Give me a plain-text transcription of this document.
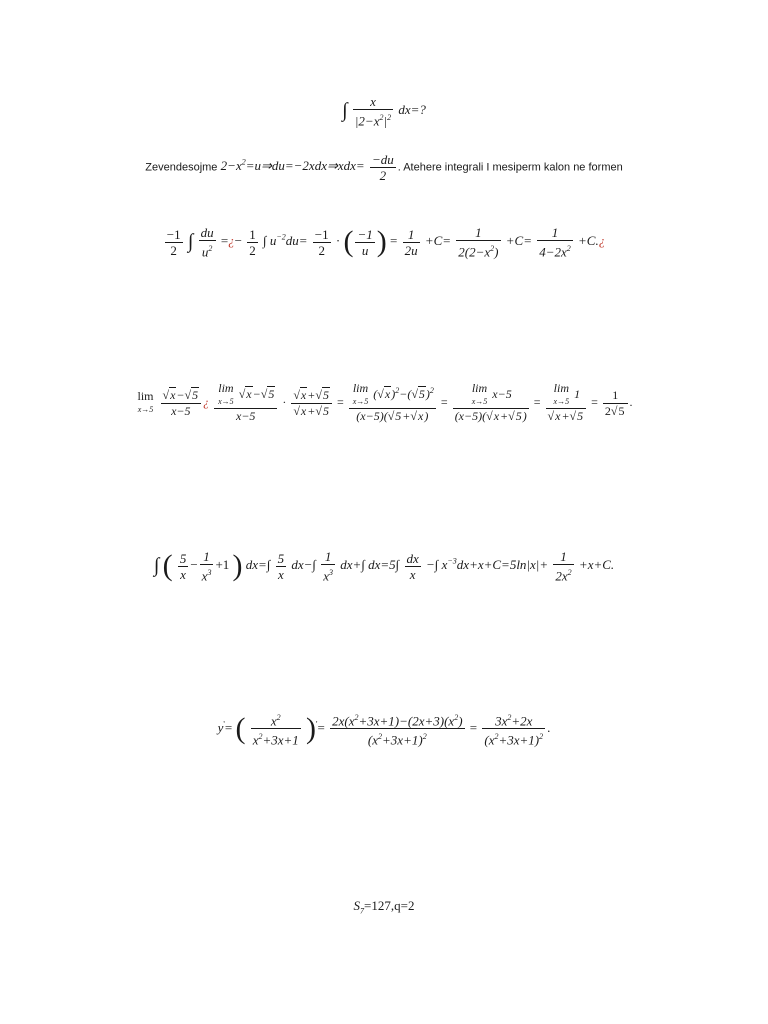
∫ $\frac{x}{|2-x^2|^2} dx=$?
Zevendesojme $2-x^2=u\Rightarrow du=-2xdx\Rightarrow xdx= \frac{-du}{2}$ . Atehere integrali I mesiperm kalon ne formen
$\frac{-1}{2}$ ∫ $\frac{du}{u^2}$ =¿− $\frac{1}{2}$ ∫ $u^{-2}du= \frac{-1}{2}$ · ( $\frac{-1}{u}$ ) = $\frac{1}{2u} +C= \frac{1}{2(2-x^2)} +C= \frac{1}{4-2x^2}$ +C.¿
lim
x→5
$\frac{√x-√5}{x-5}$ ¿ lim
x→5
√x−√5
$x-5 \cdot \frac{√x+√5}{√x+√5} = \lim$
x→5
$(√x)^2-(√5)^2$
(x−5)(√5+√x) = lim
x→5
x−5
(x−5)(√x+√5) = lim
x→5
1
$√x+√5 = \frac{1}{2√5}$ .
∫ ( $\frac{5}{x} - \frac{1}{x^3} +1$ ) $dx=\int \frac{5}{x} dx-\int \frac{1}{x^3} dx+\int$ $dx=5\int \frac{dx}{x}$ −∫ $x^{-3}dx+x+C=5\ln|x|+ \frac{1}{2x^2} +x+C$.
y'= ( $\frac{x^2}{x^2+3x+1} )'= \frac{2x(x^2+3x+1)-(2x+3)(x^2)}{(x^2+3x+1)^2} = \frac{3x^2+2x}{(x^2+3x+1)^2}$ .
$S_7=127,q=2$
